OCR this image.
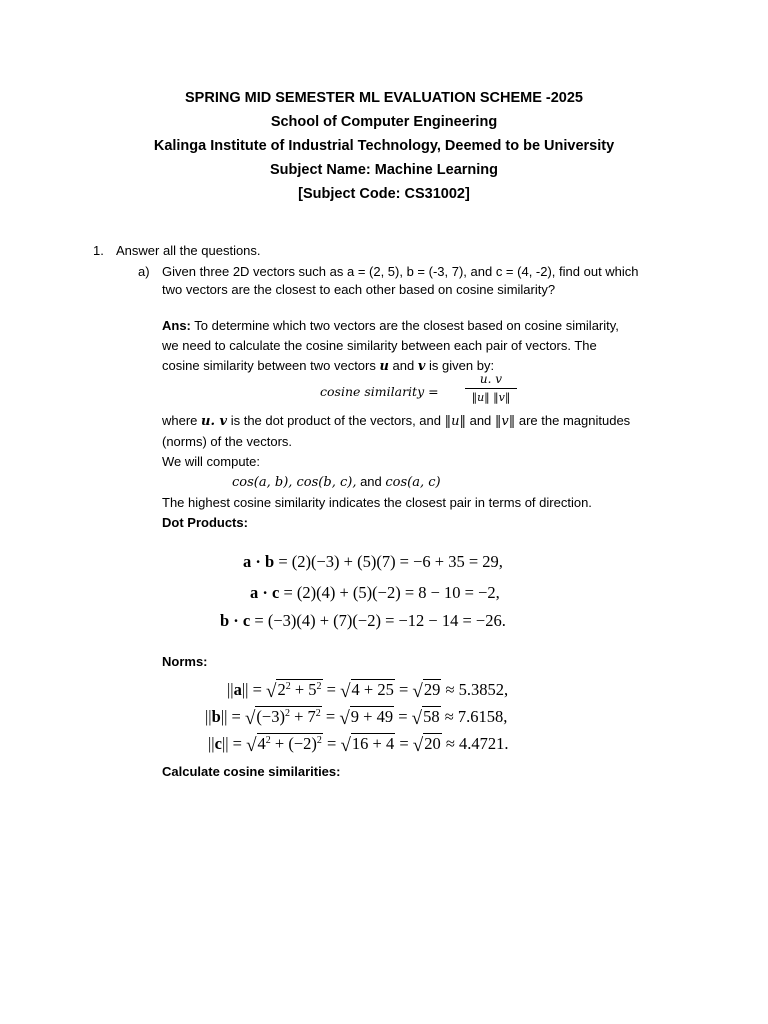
SPRING MID SEMESTER ML EVALUATION SCHEME -2025
School of Computer Engineering
Kalinga Institute of Industrial Technology, Deemed to be University
Subject Name: Machine Learning
[Subject Code: CS31002]
1. Answer all the questions.
a) Given three 2D vectors such as a = (2, 5), b = (-3, 7), and c = (4, -2), find out which
two vectors are the closest to each other based on cosine similarity?
Ans: To determine which two vectors are the closest based on cosine similarity,
we need to calculate the cosine similarity between each pair of vectors. The
cosine similarity between two vectors u and v is given by:
cosine similarity =
u. v
‖u‖ ‖v‖
where u. v is the dot product of the vectors, and ‖u‖ and ‖v‖ are the magnitudes
(norms) of the vectors.
We will compute:
cos(a, b), cos(b, c), and cos(a, c)
The highest cosine similarity indicates the closest pair in terms of direction.
Dot Products:
a · b = (2)(−3) + (5)(7) = −6 + 35 = 29,
a · c = (2)(4) + (5)(−2) = 8 − 10 = −2,
b · c = (−3)(4) + (7)(−2) = −12 − 14 = −26.
Norms:
$||a|| = √2^2 + 5^2 = √4 + 25 = √29 \approx 5.3852$,
$||b|| = √(-3)^2 + 7^2 = √9 + 49 = √58 \approx 7.6158$,
$||c|| = √4^2 + (-2)^2 = √16 + 4 = √20 \approx 4.4721$.
Calculate cosine similarities:
